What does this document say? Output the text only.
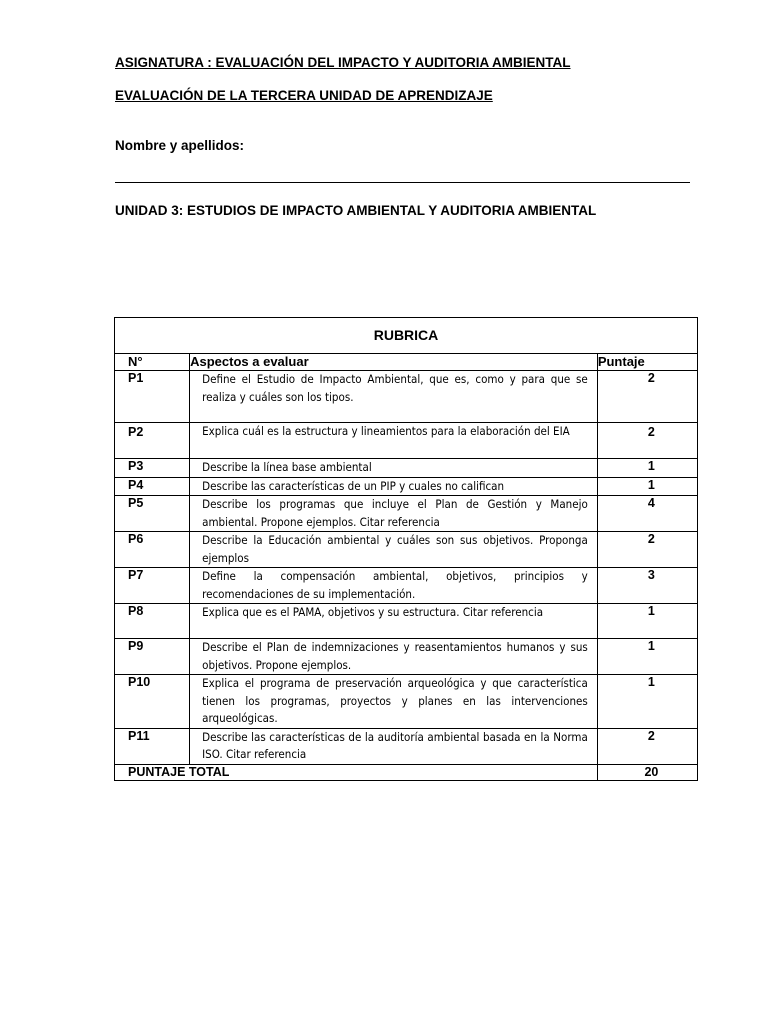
ASIGNATURA : EVALUACIÓN DEL IMPACTO Y AUDITORIA AMBIENTAL
EVALUACIÓN DE LA TERCERA UNIDAD DE APRENDIZAJE
Nombre y apellidos:
UNIDAD 3: ESTUDIOS DE IMPACTO AMBIENTAL Y AUDITORIA AMBIENTAL
RUBRICA		
N°	Aspectos a evaluar	Puntaje
P1	Define el Estudio de Impacto Ambiental, que es, como y para que se realiza y cuáles son los tipos.	2
P2	Explica cuál es la estructura y lineamientos para la elaboración del EIA	2
P3	Describe la línea base ambiental	1
P4	Describe las características de un PIP y cuales no califican	1
P5	Describe los programas que incluye el Plan de Gestión y Manejo ambiental. Propone ejemplos. Citar referencia	4
P6	Describe la Educación ambiental y cuáles son sus objetivos. Proponga ejemplos	2
P7	Define la compensación ambiental, objetivos, principios y recomendaciones de su implementación.	3
P8	Explica que es el PAMA, objetivos y su estructura. Citar referencia	1
P9	Describe el Plan de indemnizaciones y reasentamientos humanos y sus objetivos. Propone ejemplos.	1
P10	Explica el programa de preservación arqueológica y que característica tienen los programas, proyectos y planes en las intervenciones arqueológicas.	1
P11	Describe las características de la auditoría ambiental basada en la Norma ISO. Citar referencia	2
PUNTAJE TOTAL		20
